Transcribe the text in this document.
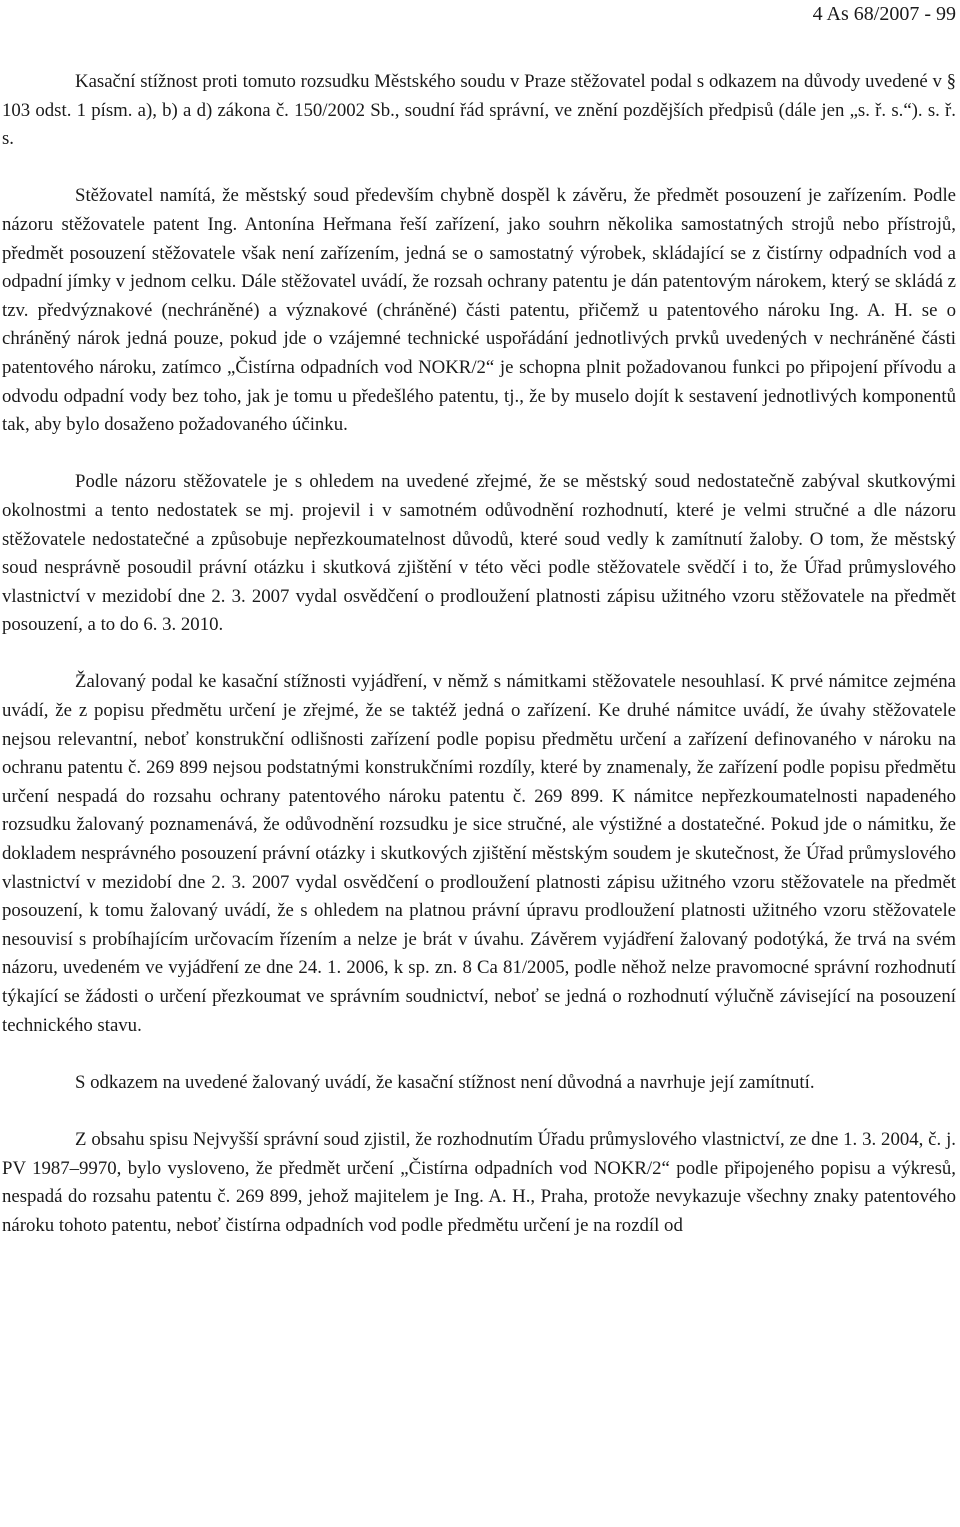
4 As 68/2007 - 99

Kasační stížnost proti tomuto rozsudku Městského soudu v Praze stěžovatel podal s odkazem na důvody uvedené v § 103 odst. 1 písm. a), b) a d) zákona č. 150/2002 Sb., soudní řád správní, ve znění pozdějších předpisů (dále jen „s. ř. s.“). s. ř. s.

Stěžovatel namítá, že městský soud především chybně dospěl k závěru, že předmět posouzení je zařízením. Podle názoru stěžovatele patent Ing. Antonína Heřmana řeší zařízení, jako souhrn několika samostatných strojů nebo přístrojů, předmět posouzení stěžovatele však není zařízením, jedná se o samostatný výrobek, skládající se z čistírny odpadních vod a odpadní jímky v jednom celku. Dále stěžovatel uvádí, že rozsah ochrany patentu je dán patentovým nárokem, který se skládá z tzv. předvýznakové (nechráněné) a význakové (chráněné) části patentu, přičemž u patentového nároku Ing. A. H. se o chráněný nárok jedná pouze, pokud jde o vzájemné technické uspořádání jednotlivých prvků uvedených v nechráněné části patentového nároku, zatímco „Čistírna odpadních vod NOKR/2“ je schopna plnit požadovanou funkci po připojení přívodu a odvodu odpadní vody bez toho, jak je tomu u předešlého patentu, tj., že by muselo dojít k sestavení jednotlivých komponentů tak, aby bylo dosaženo požadovaného účinku.

Podle názoru stěžovatele je s ohledem na uvedené zřejmé, že se městský soud nedostatečně zabýval skutkovými okolnostmi a tento nedostatek se mj. projevil i v samotném odůvodnění rozhodnutí, které je velmi stručné a dle názoru stěžovatele nedostatečné a způsobuje nepřezkoumatelnost důvodů, které soud vedly k zamítnutí žaloby. O tom, že městský soud nesprávně posoudil právní otázku i skutková zjištění v této věci podle stěžovatele svědčí i to, že Úřad průmyslového vlastnictví v mezidobí dne 2. 3. 2007 vydal osvědčení o prodloužení platnosti zápisu užitného vzoru stěžovatele na předmět posouzení, a to do 6. 3. 2010.

Žalovaný podal ke kasační stížnosti vyjádření, v němž s námitkami stěžovatele nesouhlasí. K prvé námitce zejména uvádí, že z popisu předmětu určení je zřejmé, že se taktéž jedná o zařízení. Ke druhé námitce uvádí, že úvahy stěžovatele nejsou relevantní, neboť konstrukční odlišnosti zařízení podle popisu předmětu určení a zařízení definovaného v nároku na ochranu patentu č. 269 899 nejsou podstatnými konstrukčními rozdíly, které by znamenaly, že zařízení podle popisu předmětu určení nespadá do rozsahu ochrany patentového nároku patentu č. 269 899. K námitce nepřezkoumatelnosti napadeného rozsudku žalovaný poznamenává, že odůvodnění rozsudku je sice stručné, ale výstižné a dostatečné. Pokud jde o námitku, že dokladem nesprávného posouzení právní otázky i skutkových zjištění městským soudem je skutečnost, že Úřad průmyslového vlastnictví v mezidobí dne 2. 3. 2007 vydal osvědčení o prodloužení platnosti zápisu užitného vzoru stěžovatele na předmět posouzení, k tomu žalovaný uvádí, že s ohledem na platnou právní úpravu prodloužení platnosti užitného vzoru stěžovatele nesouvisí s probíhajícím určovacím řízením a nelze je brát v úvahu. Závěrem vyjádření žalovaný podotýká, že trvá na svém názoru, uvedeném ve vyjádření ze dne 24. 1. 2006, k sp. zn. 8 Ca 81/2005, podle něhož nelze pravomocné správní rozhodnutí týkající se žádosti o určení přezkoumat ve správním soudnictví, neboť se jedná o rozhodnutí výlučně závisející na posouzení technického stavu.

S odkazem na uvedené žalovaný uvádí, že kasační stížnost není důvodná a navrhuje její zamítnutí.

Z obsahu spisu Nejvyšší správní soud zjistil, že rozhodnutím Úřadu průmyslového vlastnictví, ze dne 1. 3. 2004, č. j. PV 1987–9970, bylo vysloveno, že předmět určení „Čistírna odpadních vod NOKR/2“ podle připojeného popisu a výkresů, nespadá do rozsahu patentu č. 269 899, jehož majitelem je Ing. A. H., Praha, protože nevykazuje všechny znaky patentového nároku tohoto patentu, neboť čistírna odpadních vod podle předmětu určení je na rozdíl od
